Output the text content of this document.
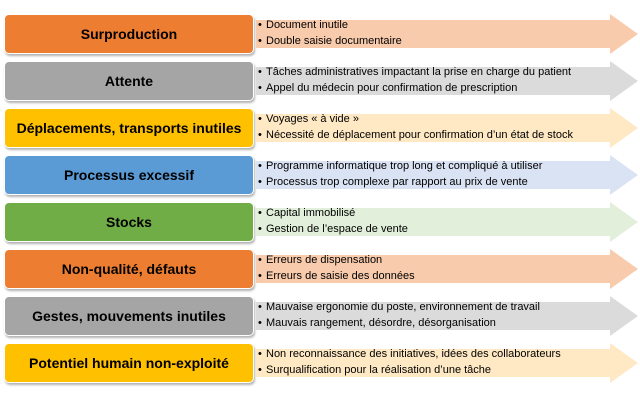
Surproduction
• Document inutile
• Double saisie documentaire
Attente
• Tâches administratives impactant la prise en charge du patient
• Appel du médecin pour confirmation de prescription
Déplacements, transports inutiles
• Voyages « à vide »
• Nécessité de déplacement pour confirmation d’un état de stock
Processus excessif
• Programme informatique trop long et compliqué à utiliser
• Processus trop complexe par rapport au prix de vente
Stocks
• Capital immobilisé
• Gestion de l’espace de vente
Non-qualité, défauts
• Erreurs de dispensation
• Erreurs de saisie des données
Gestes, mouvements inutiles
• Mauvaise ergonomie du poste, environnement de travail
• Mauvais rangement, désordre, désorganisation
Potentiel humain non-exploité
• Non reconnaissance des initiatives, idées des collaborateurs
• Surqualification pour la réalisation d’une tâche
